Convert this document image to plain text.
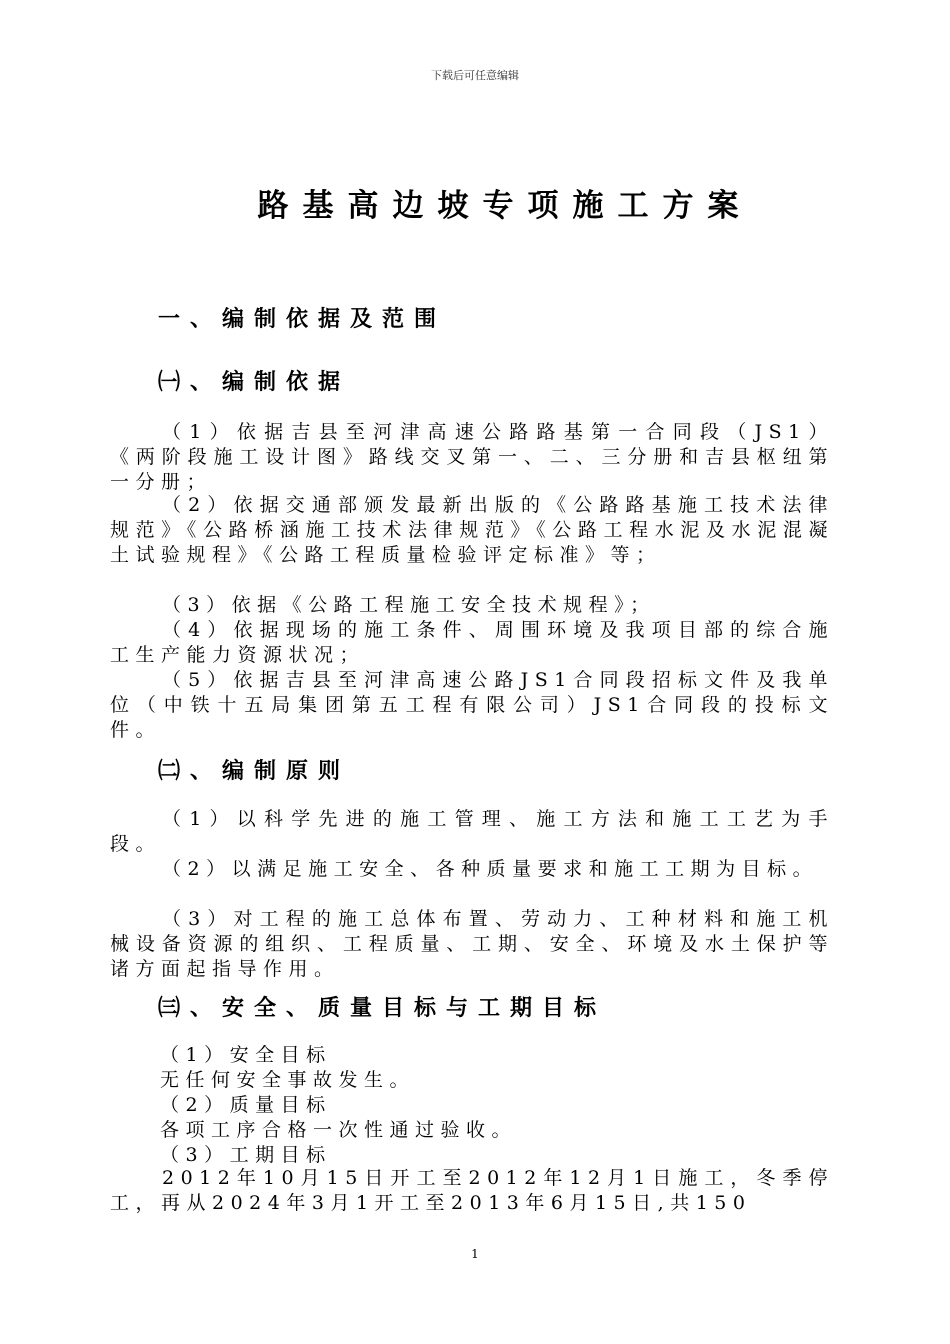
下载后可任意编辑
路基高边坡专项施工方案
一、编制依据及范围
㈠、编制依据
（1）依据吉县至河津高速公路路基第一合同段（JS1）《两阶段施工设计图》路线交叉第一、二、三分册和吉县枢纽第一分册；
（2）依据交通部颁发最新出版的《公路路基施工技术法律规范》《公路桥涵施工技术法律规范》《公路工程水泥及水泥混凝土试验规程》《公路工程质量检验评定标准》等；
（3）依据《公路工程施工安全技术规程》；
（4）依据现场的施工条件、周围环境及我项目部的综合施工生产能力资源状况；
（5）依据吉县至河津高速公路JS1合同段招标文件及我单位（中铁十五局集团第五工程有限公司）JS1合同段的投标文件。
㈡、编制原则
（1）以科学先进的施工管理、施工方法和施工工艺为手段。
（2）以满足施工安全、各种质量要求和施工工期为目标。
（3）对工程的施工总体布置、劳动力、工种材料和施工机械设备资源的组织、工程质量、工期、安全、环境及水土保护等诸方面起指导作用。
㈢、安全、质量目标与工期目标
（1）安全目标
无任何安全事故发生。
（2）质量目标
各项工序合格一次性通过验收。
（3）工期目标
2012年10月15日开工至2012年12月1日施工，冬季停工，再从2024年3月1开工至2013年6月15日,共150
1
